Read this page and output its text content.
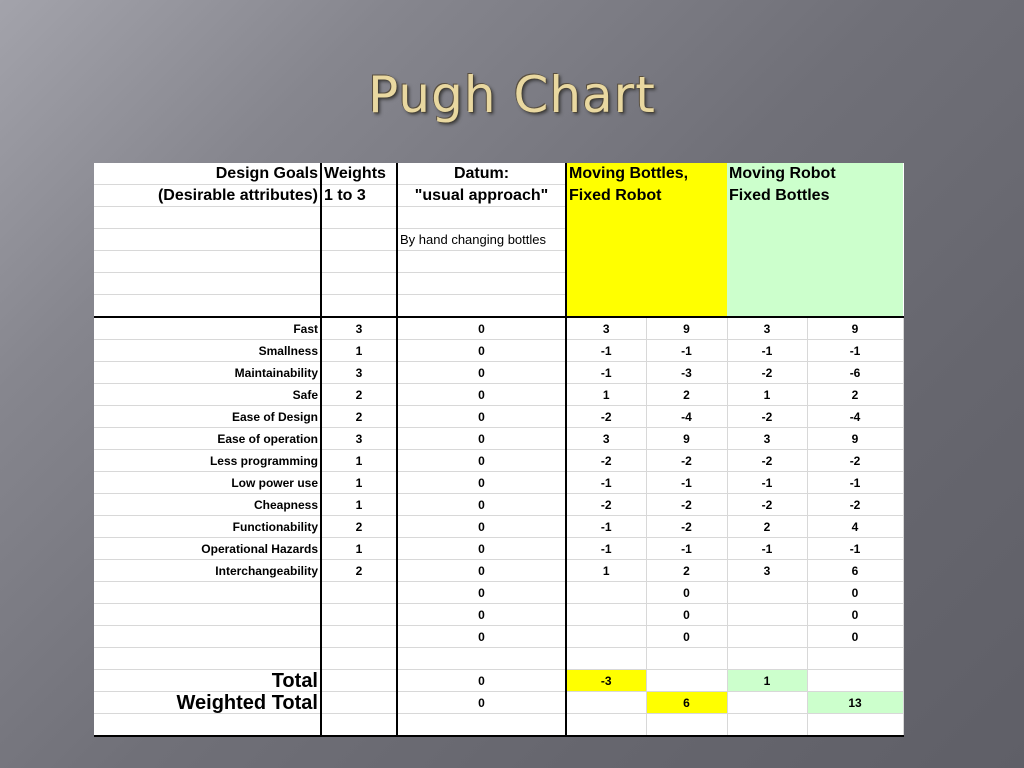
Pugh Chart
Design Goals	Weights	Datum:	Moving Bottles,		Moving Robot	
(Desirable attributes)	1 to 3	"usual approach"	Fixed Robot		Fixed Bottles	

		By hand changing bottles				

Fast	3	0	3	9	3	9
Smallness	1	0	-1	-1	-1	-1
Maintainability	3	0	-1	-3	-2	-6
Safe	2	0	1	2	1	2
Ease of Design	2	0	-2	-4	-2	-4
Ease of operation	3	0	3	9	3	9
Less programming	1	0	-2	-2	-2	-2
Low power use	1	0	-1	-1	-1	-1
Cheapness	1	0	-2	-2	-2	-2
Functionability	2	0	-1	-2	2	4
Operational Hazards	1	0	-1	-1	-1	-1
Interchangeability	2	0	1	2	3	6
		0		0		0
		0		0		0
		0		0		0

Total		0	-3		1	
Weighted Total		0		6		13
